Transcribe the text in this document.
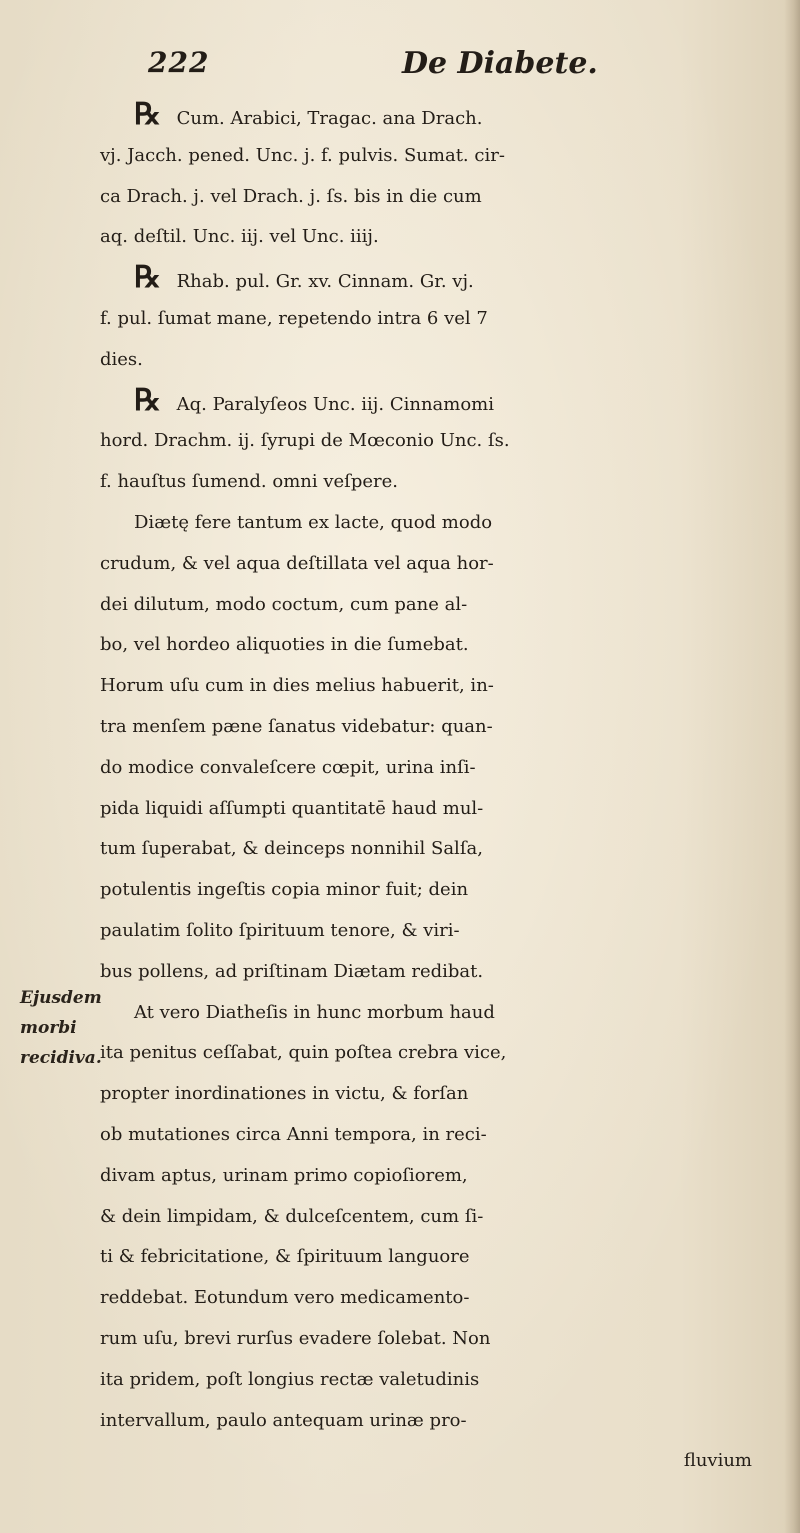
222	De Diabete.
Ejusdem
morbi
recidiva.
℞ Cum. Arabici, Tragac. ana Drach.
vj. Jacch. pened. Unc. j. f. pulvis. Sumat. cir-
ca Drach. j. vel Drach. j. ſs. bis in die cum
aq. deſtil. Unc. iij. vel Unc. iiij.
℞ Rhab. pul. Gr. xv. Cinnam. Gr. vj.
f. pul. ſumat mane, repetendo intra 6 vel 7
dies.
℞ Aq. Paralyſeos Unc. iij. Cinnamomi
hord. Drachm. ij. ſyrupi de Mœconio Unc. ſs.
f. hauſtus ſumend. omni veſpere.
Diætę fere tantum ex lacte, quod modo
crudum, & vel aqua deſtillata vel aqua hor-
dei dilutum, modo coctum, cum pane al-
bo, vel hordeo aliquoties in die ſumebat.
Horum uſu cum in dies melius habuerit, in-
tra menſem pæne ſanatus videbatur: quan-
do modice convaleſcere cœpit, urina inſi-
pida liquidi aſſumpti quantitatē haud mul-
tum ſuperabat, & deinceps nonnihil Salſa,
potulentis ingeſtis copia minor fuit; dein
paulatim ſolito ſpirituum tenore, & viri-
bus pollens, ad priſtinam Diætam redibat.
At vero Diatheſis in hunc morbum haud
ita penitus ceſſabat, quin poſtea crebra vice,
propter inordinationes in victu, & forſan
ob mutationes circa Anni tempora, in reci-
divam aptus, urinam primo copioſiorem,
& dein limpidam, & dulceſcentem, cum ſi-
ti & febricitatione, & ſpirituum languore
reddebat. Eotundum vero medicamento-
rum uſu, brevi rurſus evadere ſolebat. Non
ita pridem, poſt longius rectæ valetudinis
intervallum, paulo antequam urinæ pro-
fluvium
